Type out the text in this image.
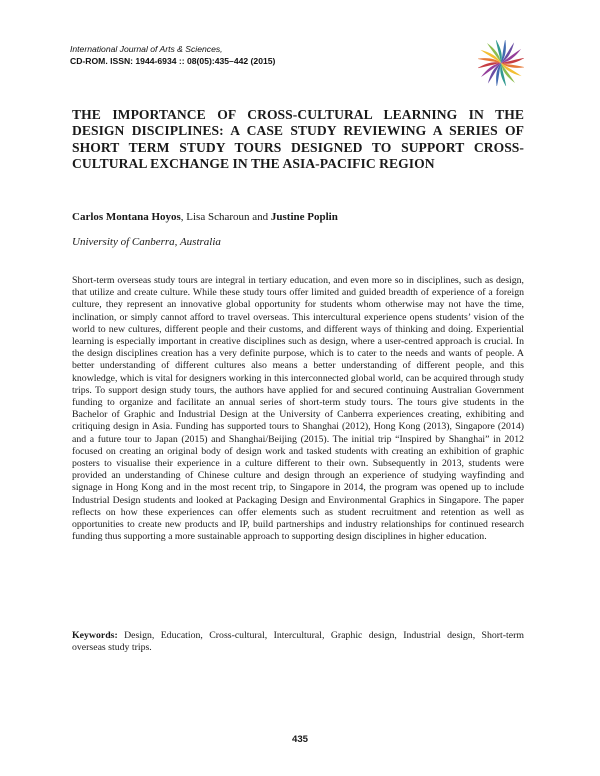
International Journal of Arts & Sciences,
CD-ROM. ISSN: 1944-6934 :: 08(05):435–442 (2015)
THE IMPORTANCE OF CROSS-CULTURAL LEARNING IN THE DESIGN DISCIPLINES: A CASE STUDY REVIEWING A SERIES OF SHORT TERM STUDY TOURS DESIGNED TO SUPPORT CROSS-CULTURAL EXCHANGE IN THE ASIA-PACIFIC REGION
Carlos Montana Hoyos, Lisa Scharoun and Justine Poplin
University of Canberra, Australia

Short-term overseas study tours are integral in tertiary education, and even more so in disciplines, such as design, that utilize and create culture. While these study tours offer limited and guided breadth of experience of a foreign culture, they represent an innovative global opportunity for students whom otherwise may not have the time, inclination, or simply cannot afford to travel overseas. This intercultural experience opens students’ vision of the world to new cultures, different people and their customs, and different ways of thinking and doing. Experiential learning is especially important in creative disciplines such as design, where a user-centred approach is crucial. In the design disciplines creation has a very definite purpose, which is to cater to the needs and wants of people. A better understanding of different cultures also means a better understanding of different people, and this knowledge, which is vital for designers working in this interconnected global world, can be acquired through study trips. To support design study tours, the authors have applied for and secured continuing Australian Government funding to organize and facilitate an annual series of short-term study tours. The tours give students in the Bachelor of Graphic and Industrial Design at the University of Canberra experiences creating, exhibiting and critiquing design in Asia. Funding has supported tours to Shanghai (2012), Hong Kong (2013), Singapore (2014) and a future tour to Japan (2015) and Shanghai/Beijing (2015). The initial trip “Inspired by Shanghai” in 2012 focused on creating an original body of design work and tasked students with creating an exhibition of graphic posters to visualise their experience in a culture different to their own. Subsequently in 2013, students were provided an understanding of Chinese culture and design through an experience of studying wayfinding and signage in Hong Kong and in the most recent trip, to Singapore in 2014, the program was opened up to include Industrial Design students and looked at Packaging Design and Environmental Graphics in Singapore. The paper reflects on how these experiences can offer elements such as student recruitment and retention as well as opportunities to create new products and IP, build partnerships and industry relationships for continued research funding thus supporting a more sustainable approach to supporting design disciplines in higher education.

Keywords: Design, Education, Cross-cultural, Intercultural, Graphic design, Industrial design, Short-term overseas study trips.

435
